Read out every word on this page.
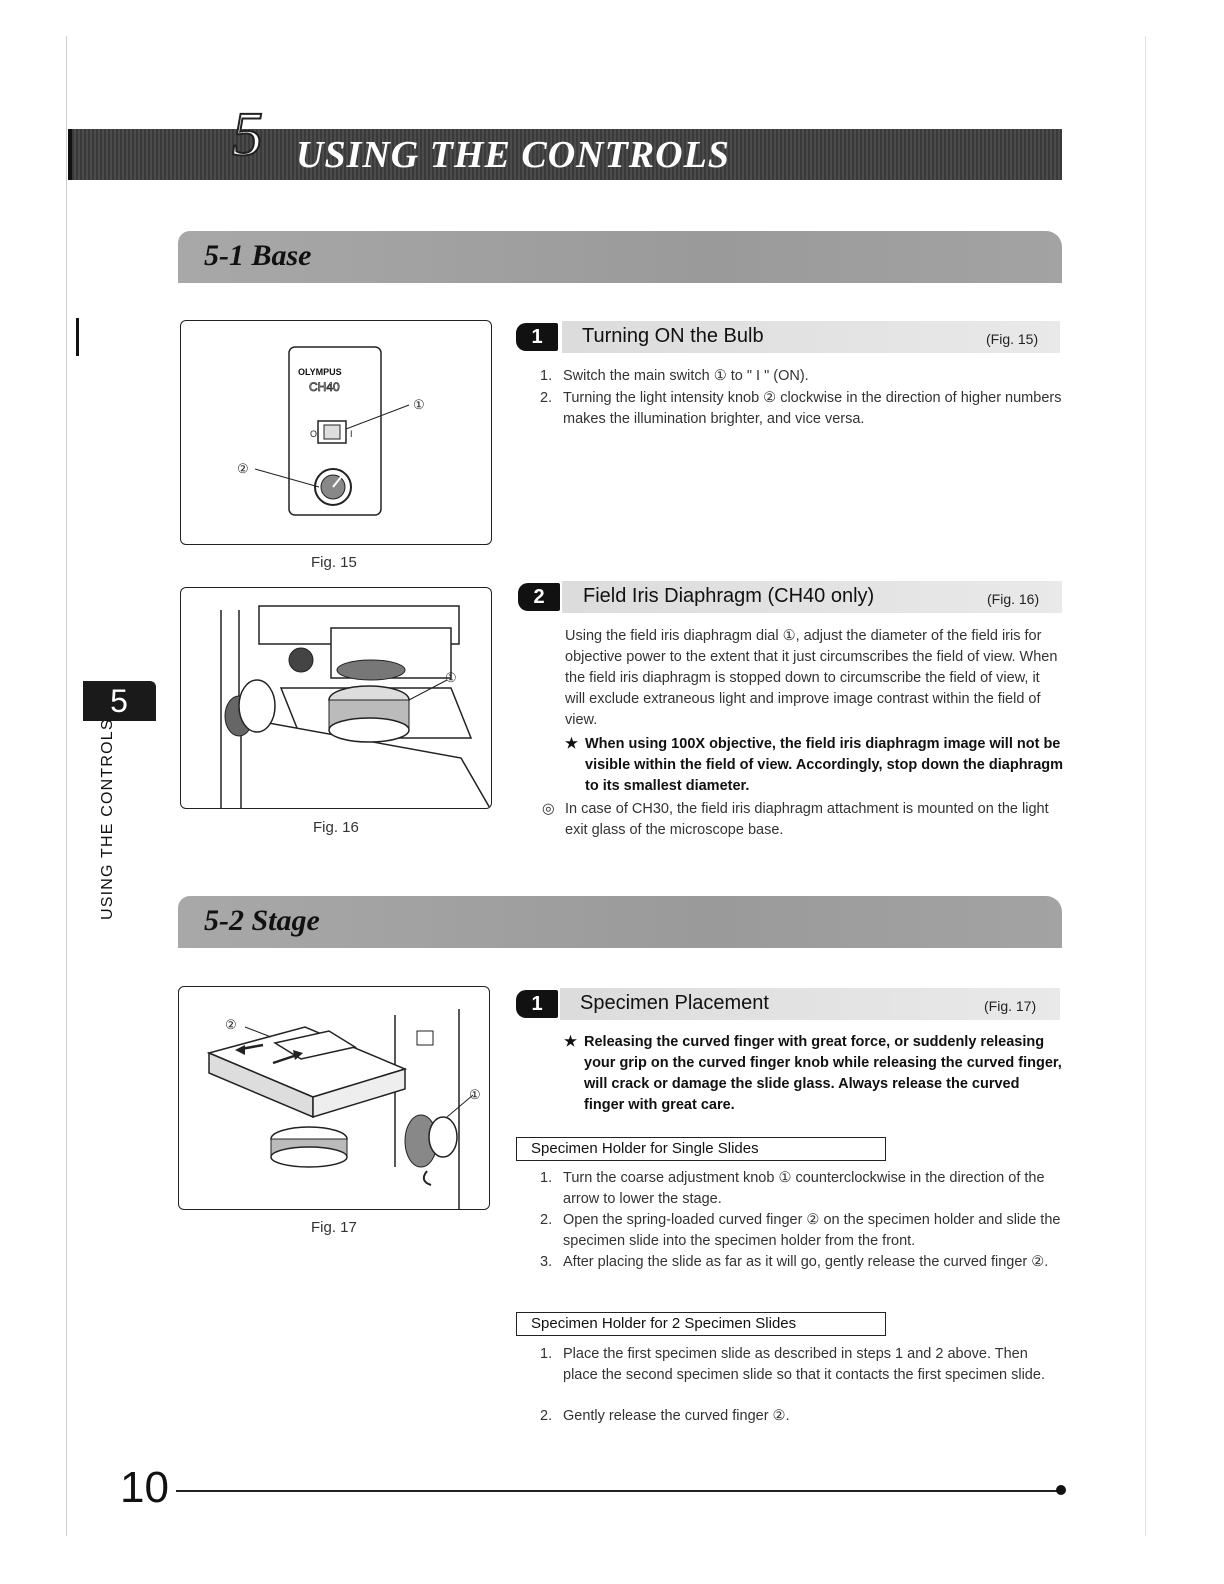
5 USING THE CONTROLS
5
USING THE CONTROLS
5-1 Base
OLYMPUS
CH40
O	I
①
②
Fig. 15
1	Turning ON the Bulb	(Fig. 15)
1. Switch the main switch ① to " I " (ON).
2. Turning the light intensity knob ② clockwise in the direction of higher numbers makes the illumination brighter, and vice versa.
①
Fig. 16
2	Field Iris Diaphragm (CH40 only)	(Fig. 16)
Using the field iris diaphragm dial ①, adjust the diameter of the field iris for objective power to the extent that it just circumscribes the field of view. When the field iris diaphragm is stopped down to circumscribe the field of view, it will exclude extraneous light and improve image contrast within the field of view.
★ When using 100X objective, the field iris diaphragm image will not be visible within the field of view. Accordingly, stop down the diaphragm to its smallest diameter.
◎ In case of CH30, the field iris diaphragm attachment is mounted on the light exit glass of the microscope base.
5-2 Stage
①
②
Fig. 17
1	Specimen Placement	(Fig. 17)
★ Releasing the curved finger with great force, or suddenly releasing your grip on the curved finger knob while releasing the curved finger, will crack or damage the slide glass. Always release the curved finger with great care.
Specimen Holder for Single Slides
1. Turn the coarse adjustment knob ① counterclockwise in the direction of the arrow to lower the stage.
2. Open the spring-loaded curved finger ② on the specimen holder and slide the specimen slide into the specimen holder from the front.
3. After placing the slide as far as it will go, gently release the curved finger ②.
Specimen Holder for 2 Specimen Slides
1. Place the first specimen slide as described in steps 1 and 2 above. Then place the second specimen slide so that it contacts the first specimen slide.
2. Gently release the curved finger ②.
10
